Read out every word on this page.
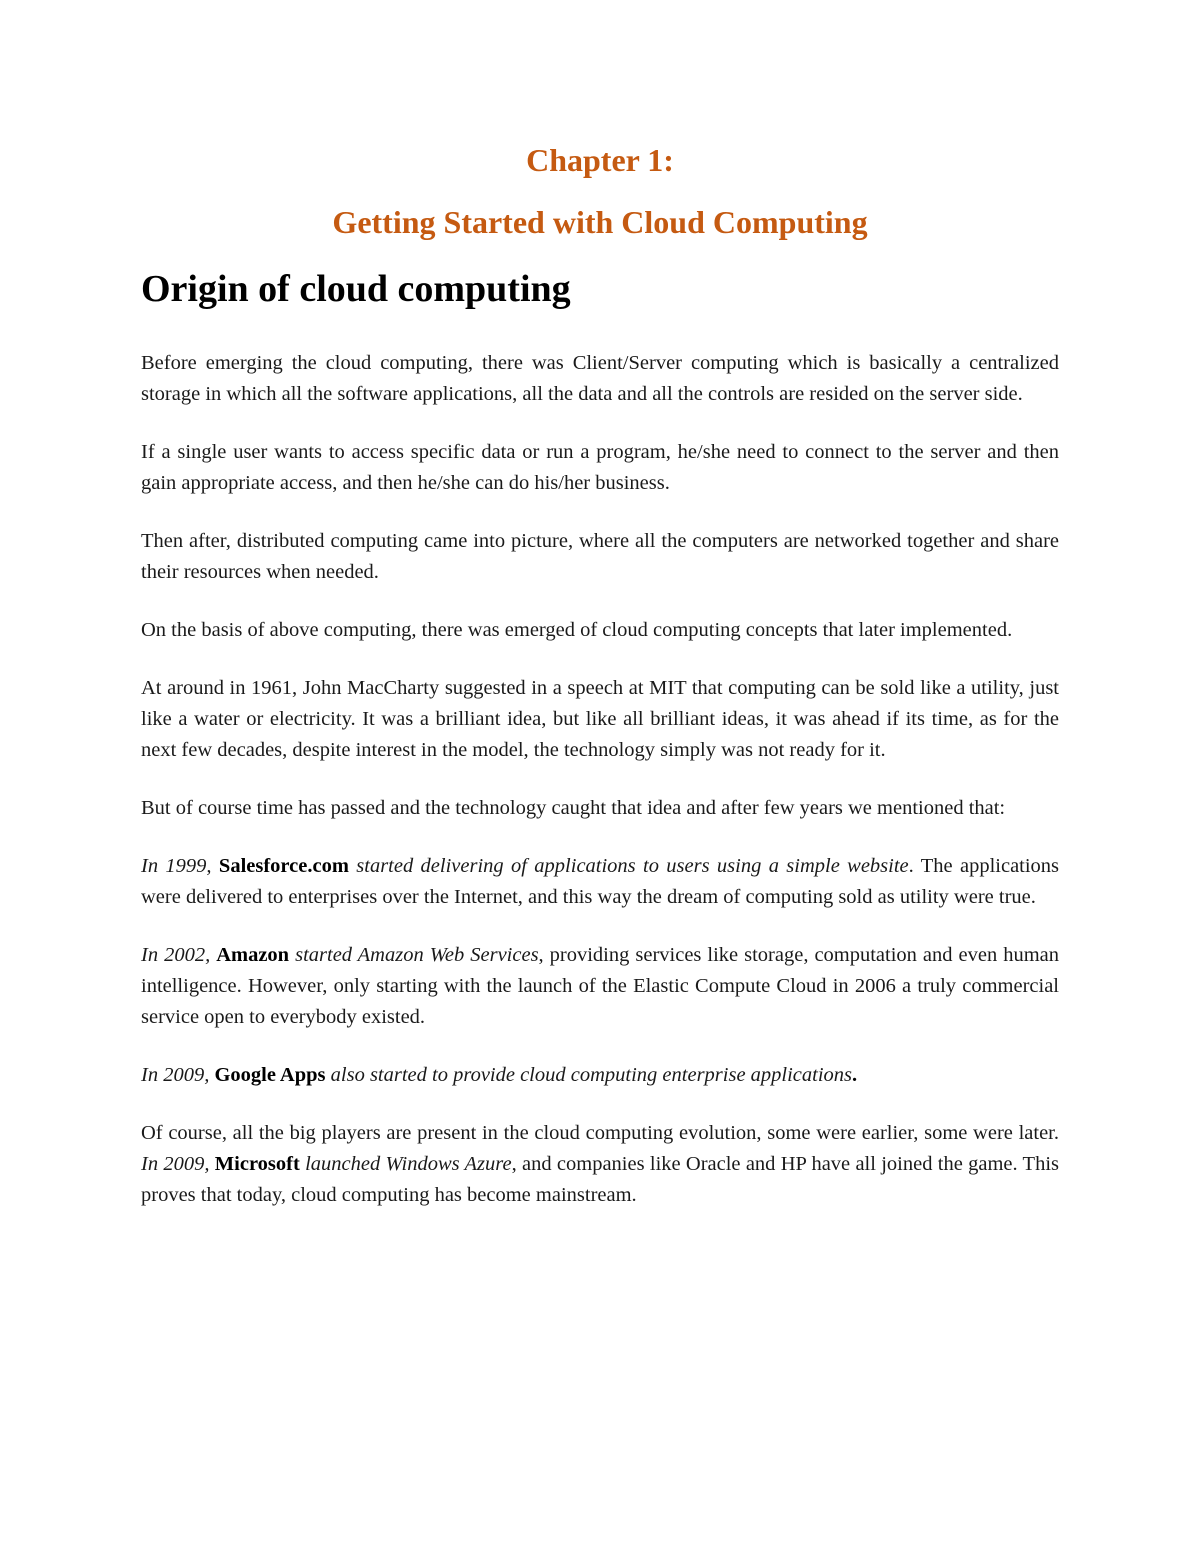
Chapter 1:
Getting Started with Cloud Computing
Origin of cloud computing

Before emerging the cloud computing, there was Client/Server computing which is basically a centralized storage in which all the software applications, all the data and all the controls are resided on the server side.

If a single user wants to access specific data or run a program, he/she need to connect to the server and then gain appropriate access, and then he/she can do his/her business.

Then after, distributed computing came into picture, where all the computers are networked together and share their resources when needed.

On the basis of above computing, there was emerged of cloud computing concepts that later implemented.

At around in 1961, John MacCharty suggested in a speech at MIT that computing can be sold like a utility, just like a water or electricity. It was a brilliant idea, but like all brilliant ideas, it was ahead if its time, as for the next few decades, despite interest in the model, the technology simply was not ready for it.

But of course time has passed and the technology caught that idea and after few years we mentioned that:

In 1999, Salesforce.com started delivering of applications to users using a simple website. The applications were delivered to enterprises over the Internet, and this way the dream of computing sold as utility were true.

In 2002, Amazon started Amazon Web Services, providing services like storage, computation and even human intelligence. However, only starting with the launch of the Elastic Compute Cloud in 2006 a truly commercial service open to everybody existed.

In 2009, Google Apps also started to provide cloud computing enterprise applications.

Of course, all the big players are present in the cloud computing evolution, some were earlier, some were later. In 2009, Microsoft launched Windows Azure, and companies like Oracle and HP have all joined the game. This proves that today, cloud computing has become mainstream.
